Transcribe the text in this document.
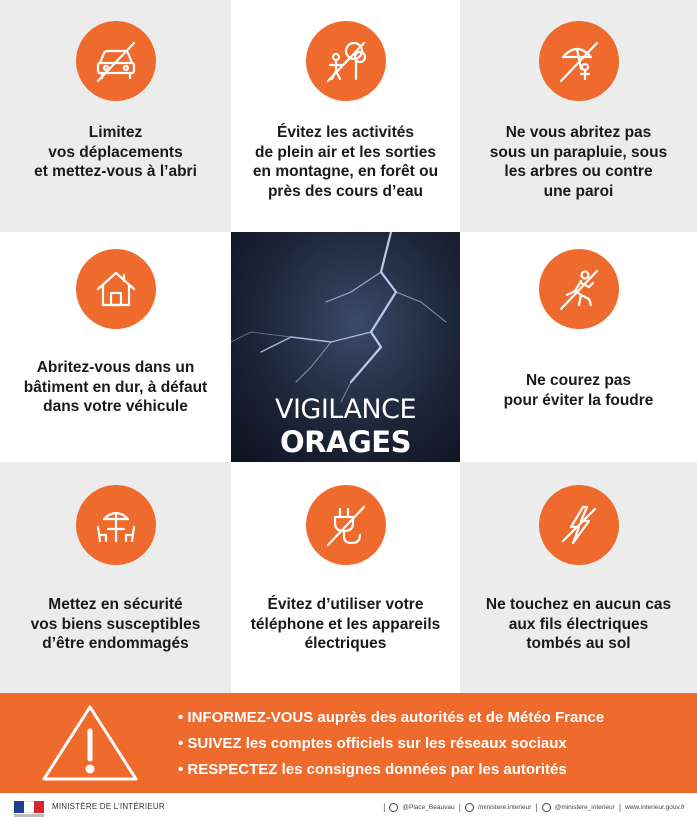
Limitez
vos déplacements
et mettez-vous à l’abri
Évitez les activités
de plein air et les sorties
en montagne, en forêt ou
près des cours d’eau
Ne vous abritez pas
sous un parapluie, sous
les arbres ou contre
une paroi
Abritez-vous dans un
bâtiment en dur, à défaut
dans votre véhicule	VIGILANCE
ORAGES
Ne courez pas
pour éviter la foudre
Mettez en sécurité
vos biens susceptibles
d’être endommagés
Évitez d’utiliser votre
téléphone et les appareils
électriques
Ne touchez en aucun cas
aux fils électriques
tombés au sol
• INFORMEZ-VOUS auprès des autorités et de Météo France
• SUIVEZ les comptes officiels sur les réseaux sociaux
• RESPECTEZ les consignes données par les autorités
MINISTÈRE DE L’INTÉRIEUR	|	@Place_Beauvau |	/ministere.interieur |	@ministere_interieur | www.interieur.gouv.fr
